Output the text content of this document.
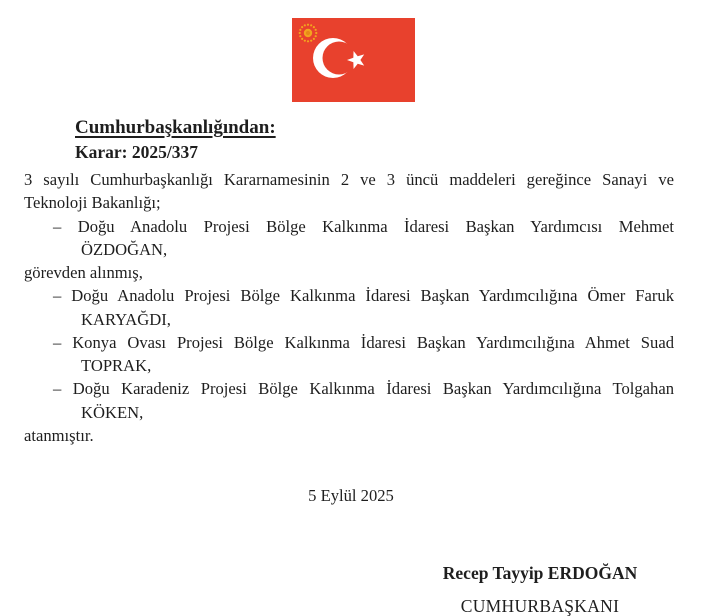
Cumhurbaşkanlığından:
Karar: 2025/337
3 sayılı Cumhurbaşkanlığı Kararnamesinin 2 ve 3 üncü maddeleri gereğince Sanayi ve
Teknoloji Bakanlığı;
– Doğu Anadolu Projesi Bölge Kalkınma İdaresi Başkan Yardımcısı Mehmet
ÖZDOĞAN,
görevden alınmış,
– Doğu Anadolu Projesi Bölge Kalkınma İdaresi Başkan Yardımcılığına Ömer Faruk
KARYAĞDI,
– Konya Ovası Projesi Bölge Kalkınma İdaresi Başkan Yardımcılığına Ahmet Suad
TOPRAK,
– Doğu Karadeniz Projesi Bölge Kalkınma İdaresi Başkan Yardımcılığına Tolgahan
KÖKEN,
atanmıştır.
5 Eylül 2025
Recep Tayyip ERDOĞAN
CUMHURBAŞKANI
